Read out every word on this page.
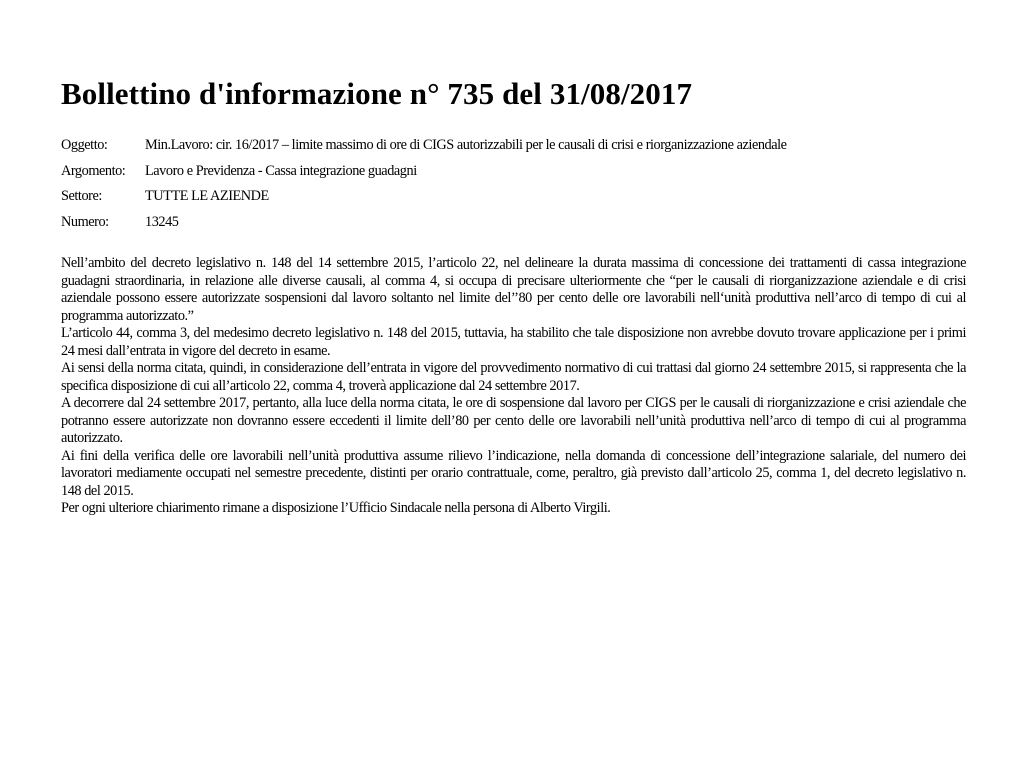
Bollettino d'informazione n° 735 del 31/08/2017
Oggetto:	Min.Lavoro: cir. 16/2017 – limite massimo di ore di CIGS autorizzabili per le causali di crisi e riorganizzazione aziendale
Argomento:	Lavoro e Previdenza - Cassa integrazione guadagni
Settore:	TUTTE LE AZIENDE
Numero:	13245

Nell’ambito del decreto legislativo n. 148 del 14 settembre 2015, l’articolo 22, nel delineare la durata massima di concessione dei trattamenti di cassa integrazione guadagni straordinaria, in relazione alle diverse causali, al comma 4, si occupa di precisare ulteriormente che “per le causali di riorganizzazione aziendale e di crisi aziendale possono essere autorizzate sospensioni dal lavoro soltanto nel limite del’’80 per cento delle ore lavorabili nell‘unità produttiva nell’arco di tempo di cui al programma autorizzato.”

L’articolo 44, comma 3, del medesimo decreto legislativo n. 148 del 2015, tuttavia, ha stabilito che tale disposizione non avrebbe dovuto trovare applicazione per i primi 24 mesi dall’entrata in vigore del decreto in esame.

Ai sensi della norma citata, quindi, in considerazione dell’entrata in vigore del provvedimento normativo di cui trattasi dal giorno 24 settembre 2015, si rappresenta che la specifica disposizione di cui all’articolo 22, comma 4, troverà applicazione dal 24 settembre 2017.

A decorrere dal 24 settembre 2017, pertanto, alla luce della norma citata, le ore di sospensione dal lavoro per CIGS per le causali di riorganizzazione e crisi aziendale che potranno essere autorizzate non dovranno essere eccedenti il limite dell’80 per cento delle ore lavorabili nell’unità produttiva nell’arco di tempo di cui al programma autorizzato.

Ai fini della verifica delle ore lavorabili nell’unità produttiva assume rilievo l’indicazione, nella domanda di concessione dell’integrazione salariale, del numero dei lavoratori mediamente occupati nel semestre precedente, distinti per orario contrattuale, come, peraltro, già previsto dall’articolo 25, comma 1, del decreto legislativo n. 148 del 2015.

Per ogni ulteriore chiarimento rimane a disposizione l’Ufficio Sindacale nella persona di Alberto Virgili.
